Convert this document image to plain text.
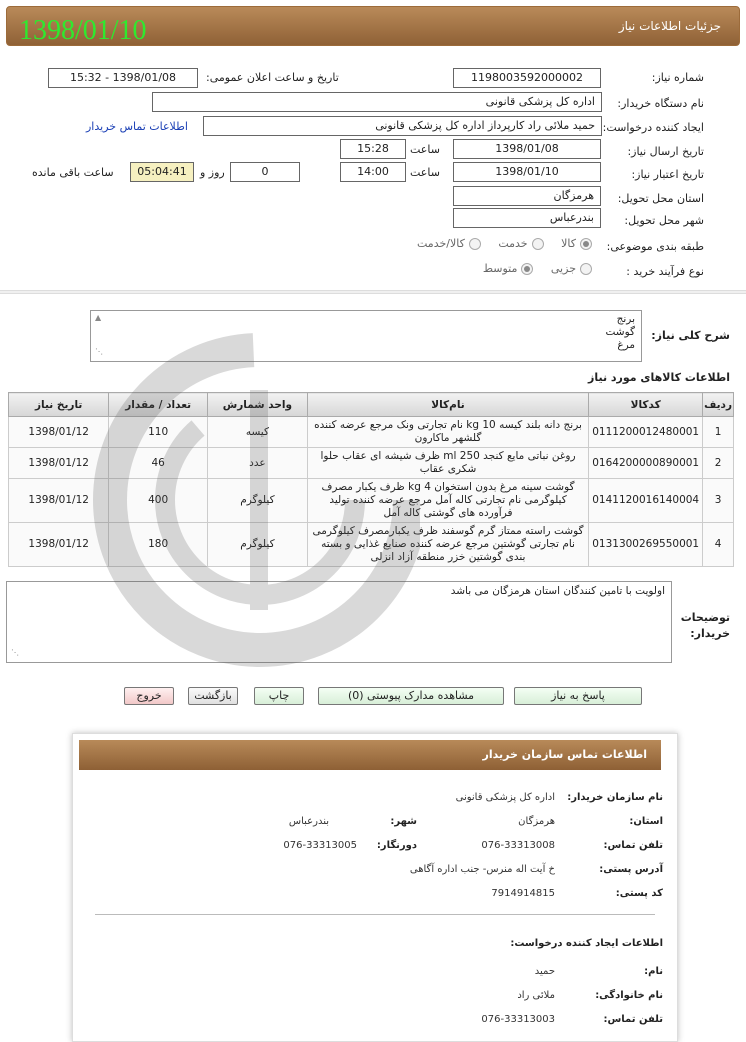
جزئیات اطلاعات نیاز
1398/01/10
شماره نیاز:
1198003592000002
تاریخ و ساعت اعلان عمومی:
1398/01/08 - 15:32
نام دستگاه خریدار:
اداره کل پزشکی قانونی
ایجاد کننده درخواست:
حمید ملائی راد کارپرداز اداره کل پزشکی قانونی
اطلاعات تماس خریدار
تاریخ ارسال نیاز:
1398/01/08
ساعت
15:28
تاریخ اعتبار نیاز:
1398/01/10
ساعت
14:00
0
روز و
05:04:41
ساعت باقی مانده
استان محل تحویل:
هرمزگان
شهر محل تحویل:
بندرعباس
طبقه بندی موضوعی:
کالا خدمت کالا/خدمت
نوع فرآیند خرید :
جزیی متوسط
شرح کلی نیاز:
برنج
گوشت
مرغ
▲
⋰
اطلاعات کالاهای مورد نیاز
ردیف	کدکالا	نام‌کالا	واحد شمارش	تعداد / مقدار	تاریخ نیاز
1	0111200012480001	برنج دانه بلند کیسه 10 kg نام تجارتی ونک مرجع عرضه کننده گلشهر ماکارون	کیسه	110	1398/01/12
2	0164200000890001	روغن نباتی مایع کنجد 250 ml ظرف شیشه ای عقاب حلوا شکری عقاب	عدد	46	1398/01/12
3	0141120016140004	گوشت سینه مرغ بدون استخوان 4 kg ظرف یکبار مصرف کیلوگرمی نام تجارتی کاله آمل مرجع عرضه کننده تولید فرآورده های گوشتی کاله آمل	کیلوگرم	400	1398/01/12
4	0131300269550001	گوشت راسته ممتاز گرم گوسفند ظرف یکبارمصرف کیلوگرمی نام تجارتی گوشتین مرجع عرضه کننده صنایع غذایی و بسته بندی گوشتین خزر منطقه آزاد انزلی	کیلوگرم	180	1398/01/12
توضیحات خریدار:
اولویت با تامین کنندگان استان هرمزگان می باشد
⋰
پاسخ به نیاز
مشاهده مدارک پیوستی (0)
چاپ
بازگشت
خروج
اطلاعات تماس سازمان خریدار
نام سازمان خریدار:
اداره کل پزشکی قانونی
استان:
هرمزگان
شهر:
بندرعباس
تلفن تماس:
076-33313008
دورنگار:
076-33313005
آدرس پستی:
خ آیت اله منرس- جنب اداره آگاهی
کد پستی:
7914914815
اطلاعات ایجاد کننده درخواست:
نام:
حمید
نام خانوادگی:
ملائی راد
تلفن تماس:
076-33313003
